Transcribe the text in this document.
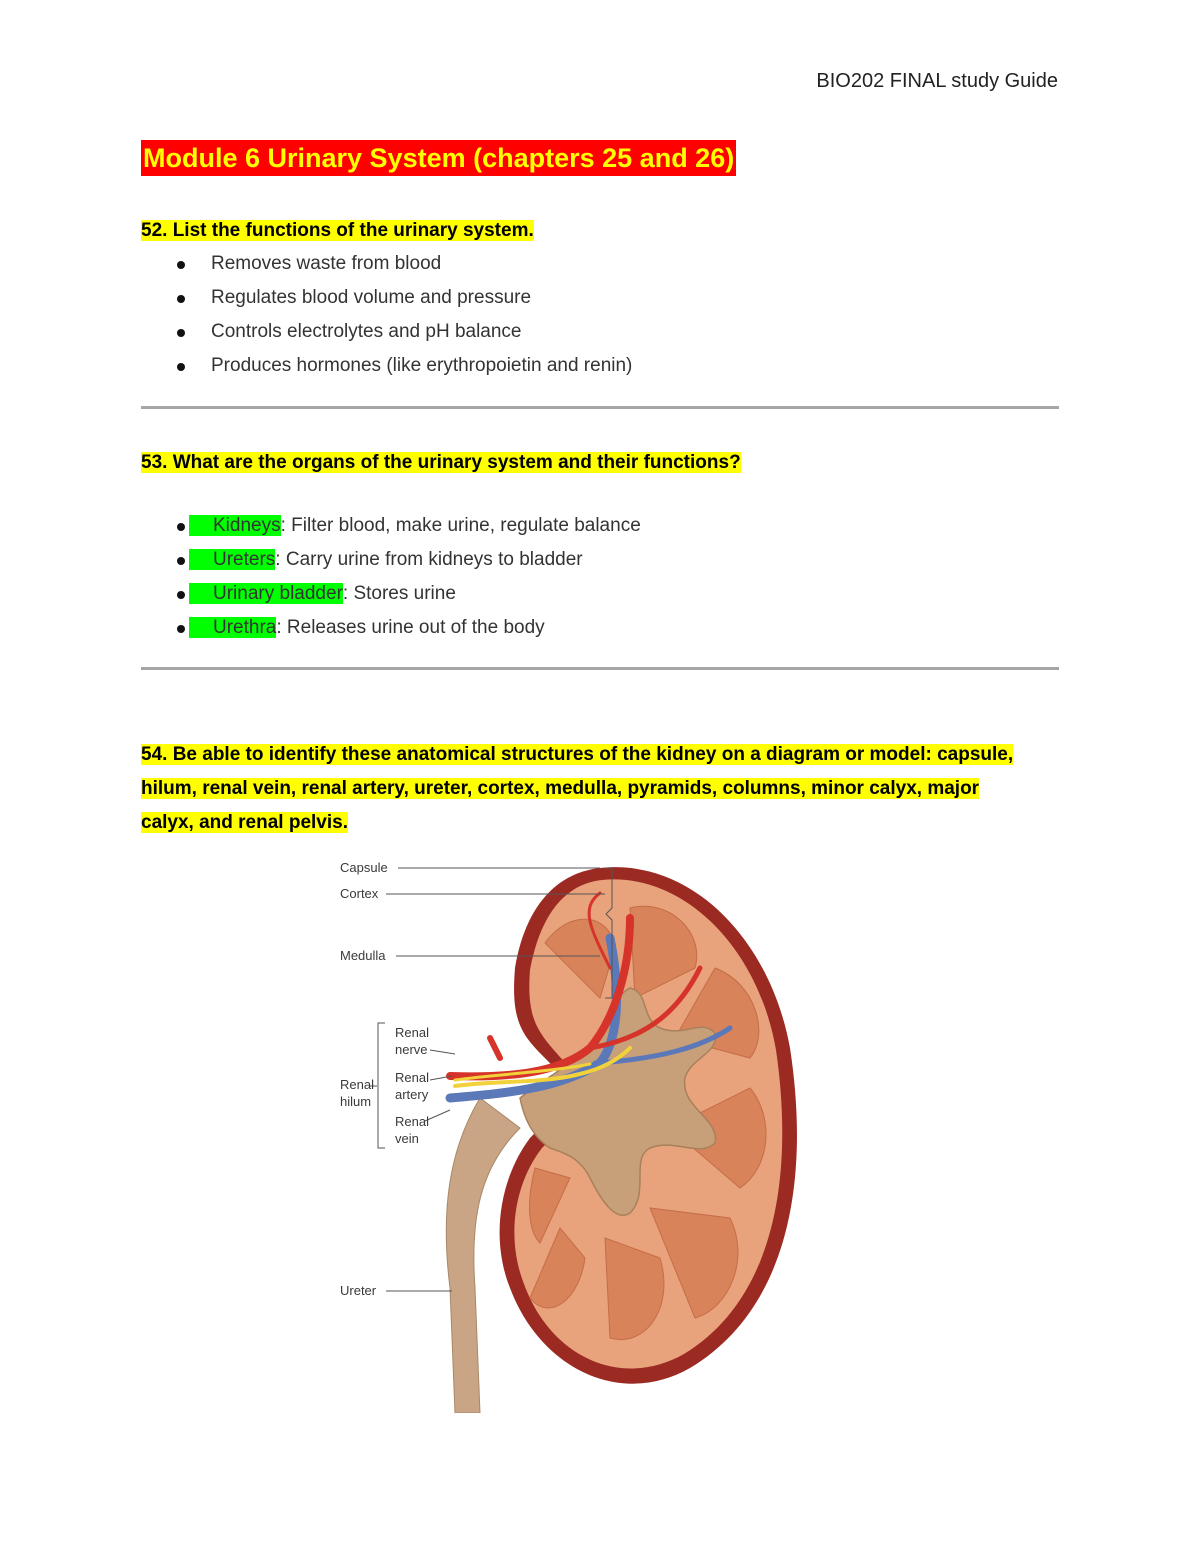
BIO202 FINAL study Guide
Module 6 Urinary System (chapters 25 and 26)
52. List the functions of the urinary system.
Removes waste from blood
Regulates blood volume and pressure
Controls electrolytes and pH balance
Produces hormones (like erythropoietin and renin)
53. What are the organs of the urinary system and their functions?
Kidneys: Filter blood, make urine, regulate balance
Ureters: Carry urine from kidneys to bladder
Urinary bladder: Stores urine
Urethra: Releases urine out of the body
54. Be able to identify these anatomical structures of the kidney on a diagram or model: capsule,
hilum, renal vein, renal artery, ureter, cortex, medulla, pyramids, columns, minor calyx, major
calyx, and renal pelvis.
Capsule
Cortex
Medulla
Renal
nerve
Renal
artery
Renal
vein
Renal
hilum
Ureter
